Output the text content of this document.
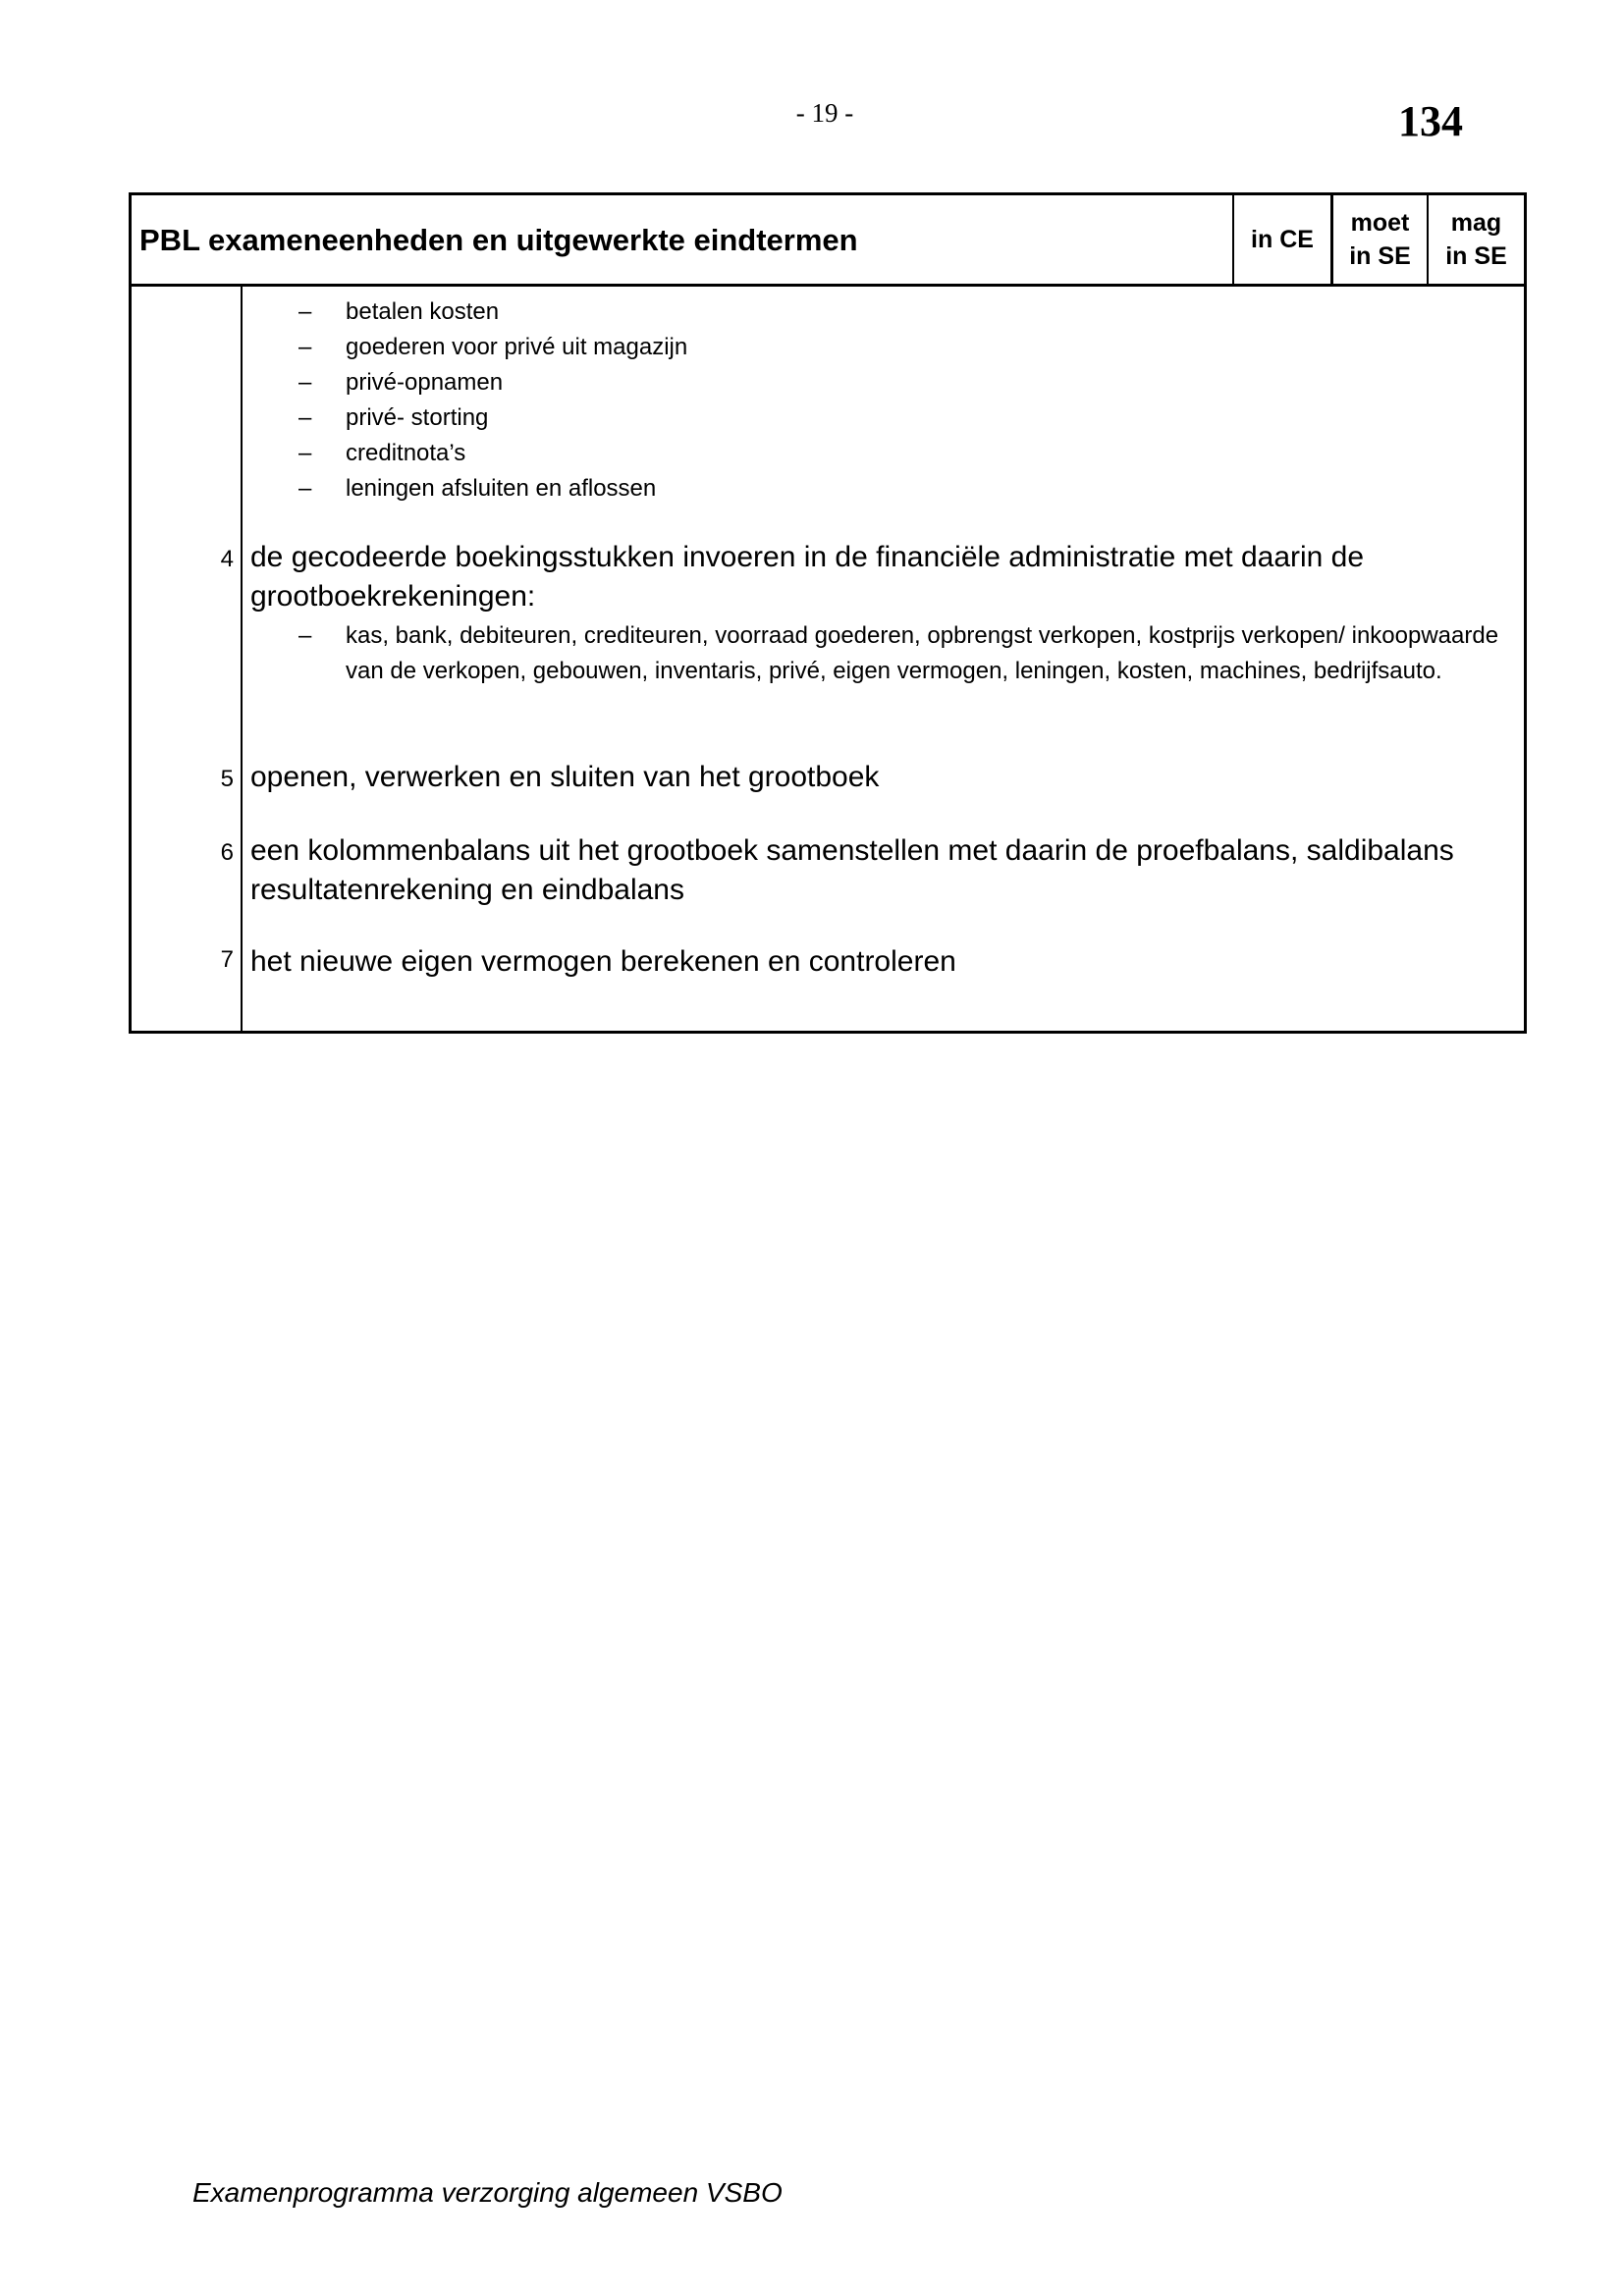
- 19 -	134
PBL exameneenheden en uitgewerkte eindtermen	in CE
moet
in SE
mag
in SE
– betalen kosten
– goederen voor privé uit magazijn
– privé-opnamen
– privé- storting
– creditnota’s
– leningen afsluiten en aflossen
4 de gecodeerde boekingsstukken invoeren in de financiële administratie met daarin de grootboekrekeningen:
– kas, bank, debiteuren, crediteuren, voorraad goederen, opbrengst verkopen, kostprijs verkopen/ inkoopwaarde van de verkopen, gebouwen, inventaris, privé, eigen vermogen, leningen, kosten, machines, bedrijfsauto.
5 openen, verwerken en sluiten van het grootboek
6 een kolommenbalans uit het grootboek samenstellen met daarin de proefbalans, saldibalans resultatenrekening en eindbalans
7 het nieuwe eigen vermogen berekenen en controleren
Examenprogramma verzorging algemeen VSBO
